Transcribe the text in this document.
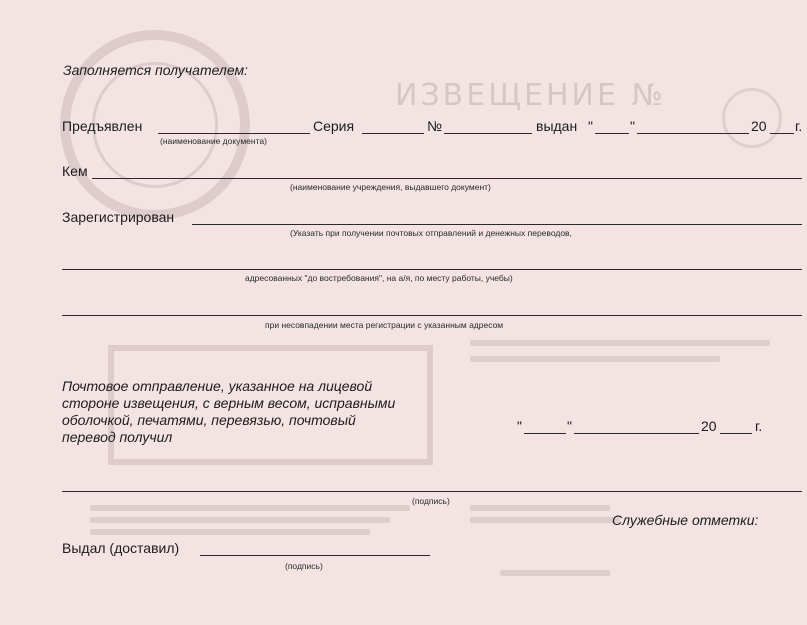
ИЗВЕЩЕНИЕ №
Заполняется получателем:
Предъявлен	Серия	№	выдан "	"	20 г.
(наименование документа)
Кем
(наименование учреждения, выдавшего документ)
Зарегистрирован
(Указать при получении почтовых отправлений и денежных переводов,
адресованных "до востребования", на а/я, по месту работы, учебы)
при несовпадении места регистрации с указанным адресом
Почтовое отправление, указанное на лицевой
стороне извещения, с верным весом, исправными
оболочкой, печатями, перевязью, почтовый
перевод получил
"	"	20	г.
(подпись)
Служебные отметки:
Выдал (доставил)
(подпись)
